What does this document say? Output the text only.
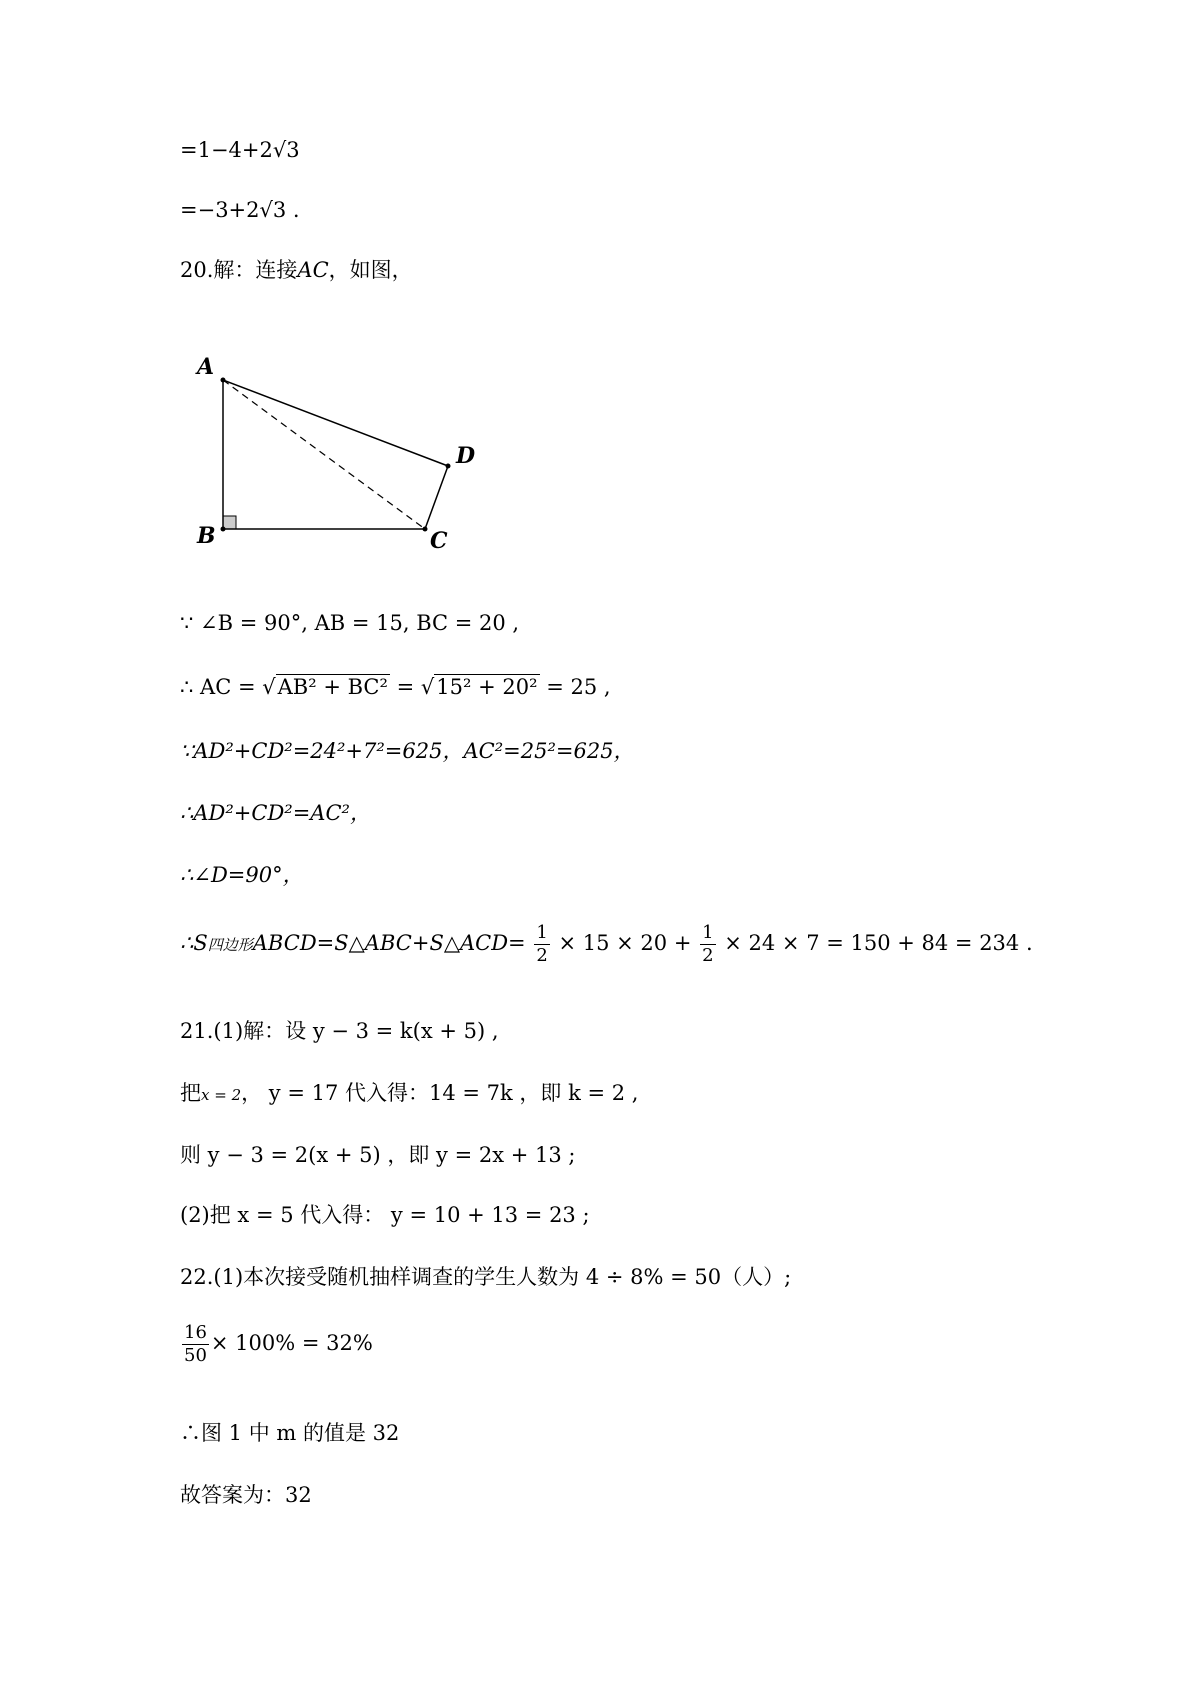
=1−4+2√3
=−3+2√3 .
20.解：连接AC，如图，
A
B	C
D
∵ ∠B = 90°, AB = 15, BC = 20 ,
∴ AC = √AB² + BC² = √15² + 20² = 25 ,
∵AD²+CD²=24²+7²=625，AC²=25²=625，
∴AD²+CD²=AC²，
∴∠D=90°，
∴S四边形ABCD=S△ABC+S△ACD= $\frac{1}{2} \times 15 \times 20 + \frac{1}{2} \times 24 \times 7 = 150 + 84 = 234$ .
21.(1)解：设 y − 3 = k(x + 5) ,
把x = 2， y = 17 代入得：14 = 7k ，即 k = 2 ,
则 y − 3 = 2(x + 5) ，即 y = 2x + 13 ;
(2)把 x = 5 代入得： y = 10 + 13 = 23 ;
22.(1)本次接受随机抽样调查的学生人数为 4 ÷ 8% = 50（人）;
$\frac{16}{50} \times 100\% = 32\%$
∴图 1 中 m 的值是 32
故答案为：32
